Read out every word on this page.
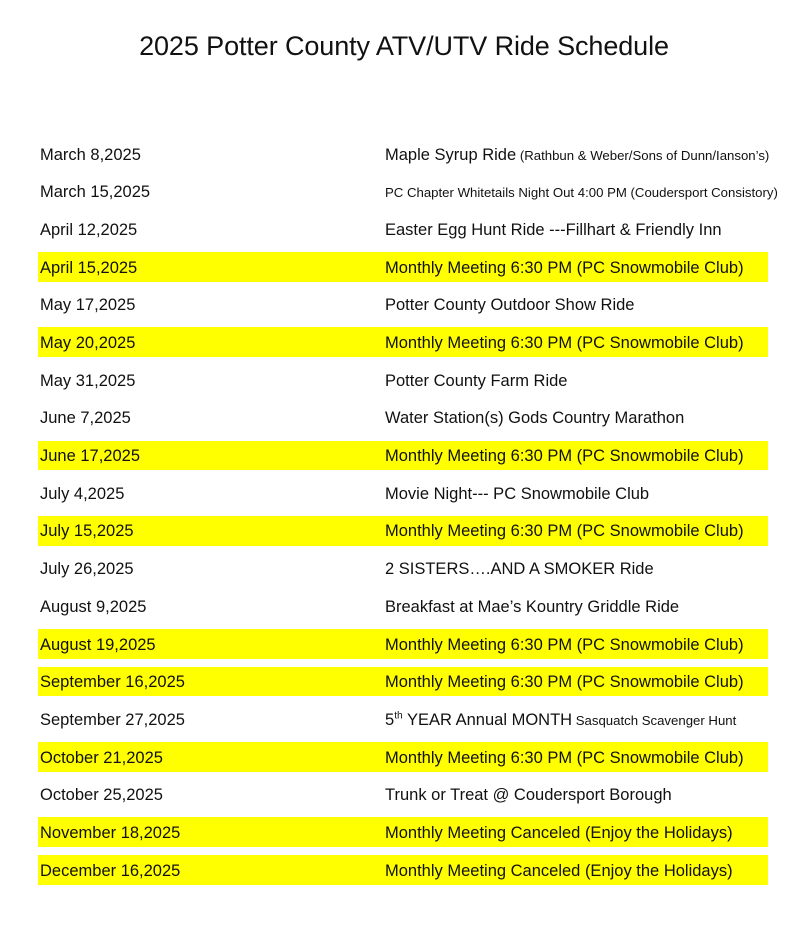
2025 Potter County ATV/UTV Ride Schedule
March 8,2025	Maple Syrup Ride (Rathbun & Weber/Sons of Dunn/Ianson’s)
March 15,2025	PC Chapter Whitetails Night Out 4:00 PM (Coudersport Consistory)
April 12,2025	Easter Egg Hunt Ride ---Fillhart & Friendly Inn
April 15,2025	Monthly Meeting 6:30 PM (PC Snowmobile Club)
May 17,2025	Potter County Outdoor Show Ride
May 20,2025	Monthly Meeting 6:30 PM (PC Snowmobile Club)
May 31,2025	Potter County Farm Ride
June 7,2025	Water Station(s) Gods Country Marathon
June 17,2025	Monthly Meeting 6:30 PM (PC Snowmobile Club)
July 4,2025	Movie Night--- PC Snowmobile Club
July 15,2025	Monthly Meeting 6:30 PM (PC Snowmobile Club)
July 26,2025	2 SISTERS….AND A SMOKER Ride
August 9,2025	Breakfast at Mae’s Kountry Griddle Ride
August 19,2025	Monthly Meeting 6:30 PM (PC Snowmobile Club)
September 16,2025	Monthly Meeting 6:30 PM (PC Snowmobile Club)
September 27,2025	5th YEAR Annual MONTH Sasquatch Scavenger Hunt
October 21,2025	Monthly Meeting 6:30 PM (PC Snowmobile Club)
October 25,2025	Trunk or Treat @ Coudersport Borough
November 18,2025	Monthly Meeting Canceled (Enjoy the Holidays)
December 16,2025	Monthly Meeting Canceled (Enjoy the Holidays)
